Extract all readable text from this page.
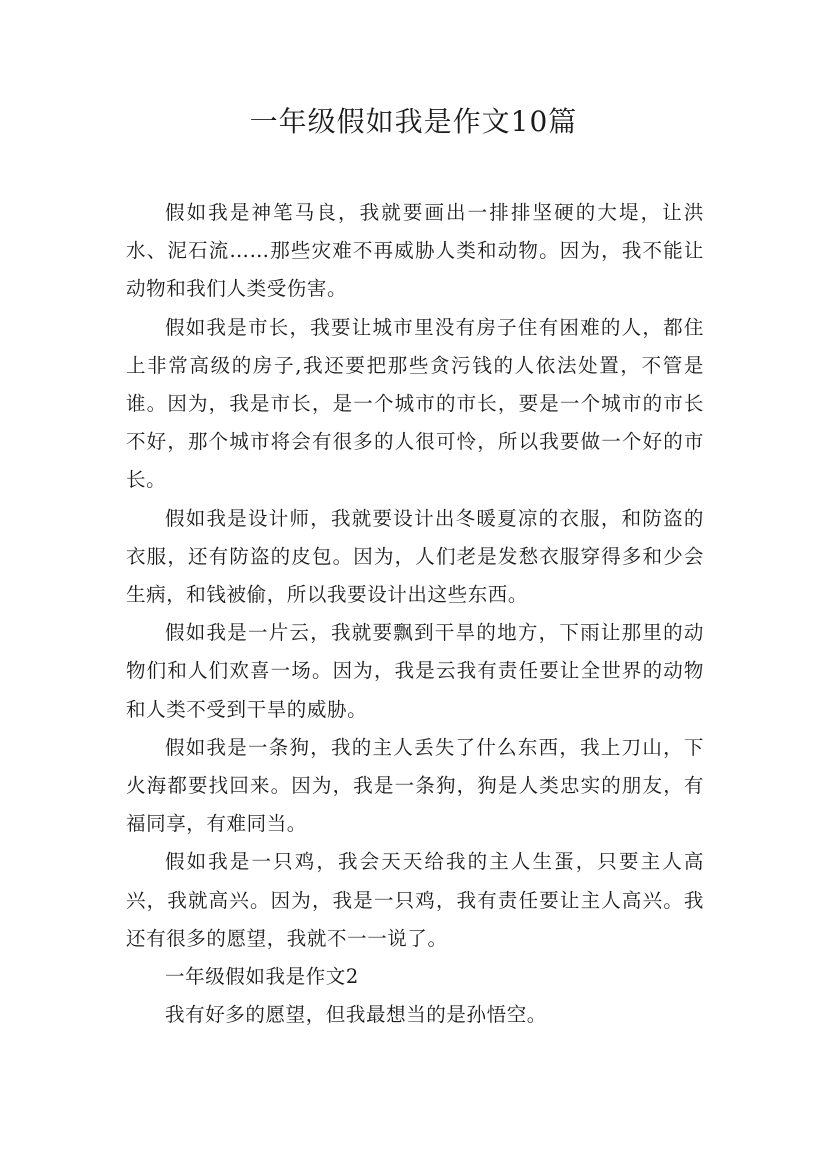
一年级假如我是作文10篇

假如我是神笔马良，我就要画出一排排坚硬的大堤，让洪水、泥石流……那些灾难不再威胁人类和动物。因为，我不能让动物和我们人类受伤害。

假如我是市长，我要让城市里没有房子住有困难的人，都住上非常高级的房子,我还要把那些贪污钱的人依法处置，不管是谁。因为，我是市长，是一个城市的市长，要是一个城市的市长不好，那个城市将会有很多的人很可怜，所以我要做一个好的市长。

假如我是设计师，我就要设计出冬暖夏凉的衣服，和防盗的衣服，还有防盗的皮包。因为，人们老是发愁衣服穿得多和少会生病，和钱被偷，所以我要设计出这些东西。

假如我是一片云，我就要飘到干旱的地方，下雨让那里的动物们和人们欢喜一场。因为，我是云我有责任要让全世界的动物和人类不受到干旱的威胁。

假如我是一条狗，我的主人丢失了什么东西，我上刀山，下火海都要找回来。因为，我是一条狗，狗是人类忠实的朋友，有福同享，有难同当。

假如我是一只鸡，我会天天给我的主人生蛋，只要主人高兴，我就高兴。因为，我是一只鸡，我有责任要让主人高兴。我还有很多的愿望，我就不一一说了。

一年级假如我是作文2

我有好多的愿望，但我最想当的是孙悟空。
